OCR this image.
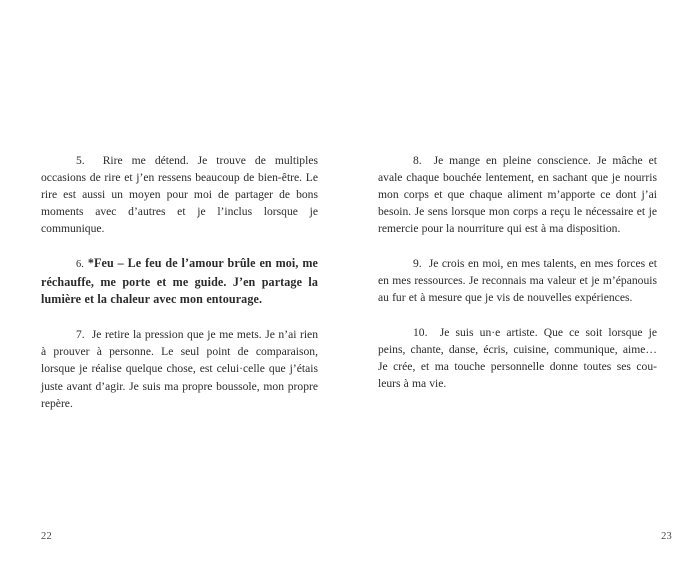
5. Rire me détend. Je trouve de multiples occasions de rire et j’en ressens beaucoup de bien-être. Le rire est aussi un moyen pour moi de partager de bons moments avec d’autres et je l’inclus lorsque je communique.

6. *Feu – Le feu de l’amour brûle en moi, me réchauffe, me porte et me guide. J’en partage la lumière et la chaleur avec mon entourage.

7. Je retire la pression que je me mets. Je n’ai rien à prouver à personne. Le seul point de comparaison, lorsque je réalise quelque chose, est celui·celle que j’étais juste avant d’agir. Je suis ma propre boussole, mon propre repère.

22

8. Je mange en pleine conscience. Je mâche et avale chaque bouchée lentement, en sachant que je nourris mon corps et que chaque aliment m’apporte ce dont j’ai besoin. Je sens lorsque mon corps a reçu le nécessaire et je remercie pour la nourriture qui est à ma disposition.

9. Je crois en moi, en mes talents, en mes forces et en mes ressources. Je reconnais ma valeur et je m’épanouis au fur et à mesure que je vis de nouvelles expériences.

10. Je suis un·e artiste. Que ce soit lorsque je peins, chante, danse, écris, cuisine, communique, aime… Je crée, et ma touche personnelle donne toutes ses cou-leurs à ma vie.

23
